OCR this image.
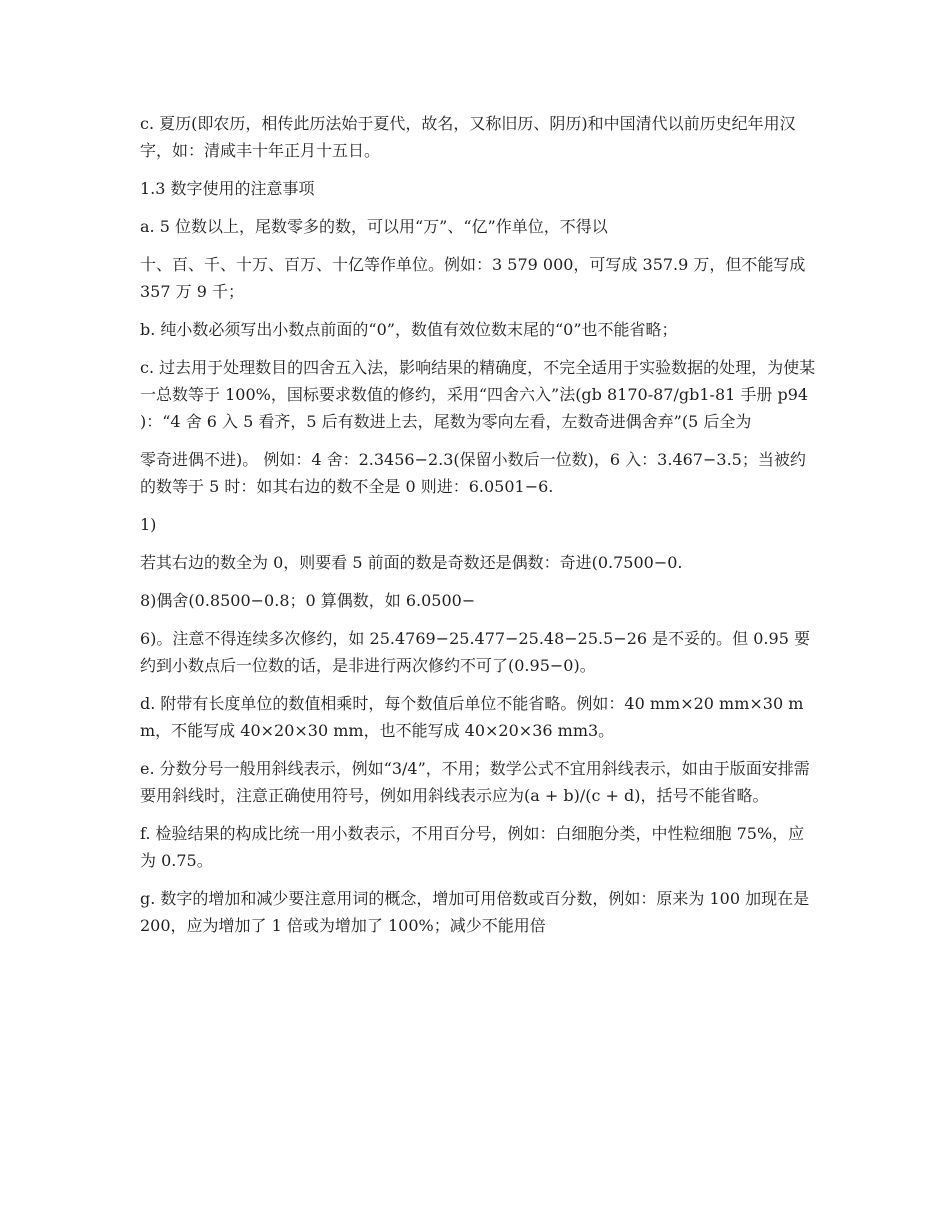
c. 夏历(即农历，相传此历法始于夏代，故名，又称旧历、阴历)和中国清代以前历史纪年用汉字，如：清咸丰十年正月十五日。

1.3 数字使用的注意事项

a. 5 位数以上，尾数零多的数，可以用“万”、“亿”作单位，不得以

十、百、千、十万、百万、十亿等作单位。例如：3 579 000，可写成 357.9 万，但不能写成 357 万 9 千；

b. 纯小数必须写出小数点前面的“0”，数值有效位数末尾的“0”也不能省略；

c. 过去用于处理数目的四舍五入法，影响结果的精确度，不完全适用于实验数据的处理，为使某一总数等于 100%，国标要求数值的修约，采用“四舍六入”法(gb 8170-87/gb1-81 手册 p94 )：“4 舍 6 入 5 看齐，5 后有数进上去，尾数为零向左看，左数奇进偶舍弃”(5 后全为

零奇进偶不进)。 例如：4 舍：2.3456−2.3(保留小数后一位数)，6 入：3.467−3.5；当被约的数等于 5 时：如其右边的数不全是 0 则进：6.0501−6.

1)

若其右边的数全为 0，则要看 5 前面的数是奇数还是偶数：奇进(0.7500−0.

8)偶舍(0.8500−0.8；0 算偶数，如 6.0500−

6)。注意不得连续多次修约，如 25.4769−25.477−25.48−25.5−26 是不妥的。但 0.95 要约到小数点后一位数的话，是非进行两次修约不可了(0.95−0)。

d. 附带有长度单位的数值相乘时，每个数值后单位不能省略。例如：40 mm×20 mm×30 mm，不能写成 40×20×30 mm，也不能写成 40×20×36 mm3。

e. 分数分号一般用斜线表示，例如“3/4”，不用；数学公式不宜用斜线表示，如由于版面安排需要用斜线时，注意正确使用符号，例如用斜线表示应为(a + b)/(c + d)，括号不能省略。

f. 检验结果的构成比统一用小数表示，不用百分号，例如：白细胞分类，中性粒细胞 75%，应为 0.75。

g. 数字的增加和减少要注意用词的概念，增加可用倍数或百分数，例如：原来为 100 加现在是 200，应为增加了 1 倍或为增加了 100%；减少不能用倍
